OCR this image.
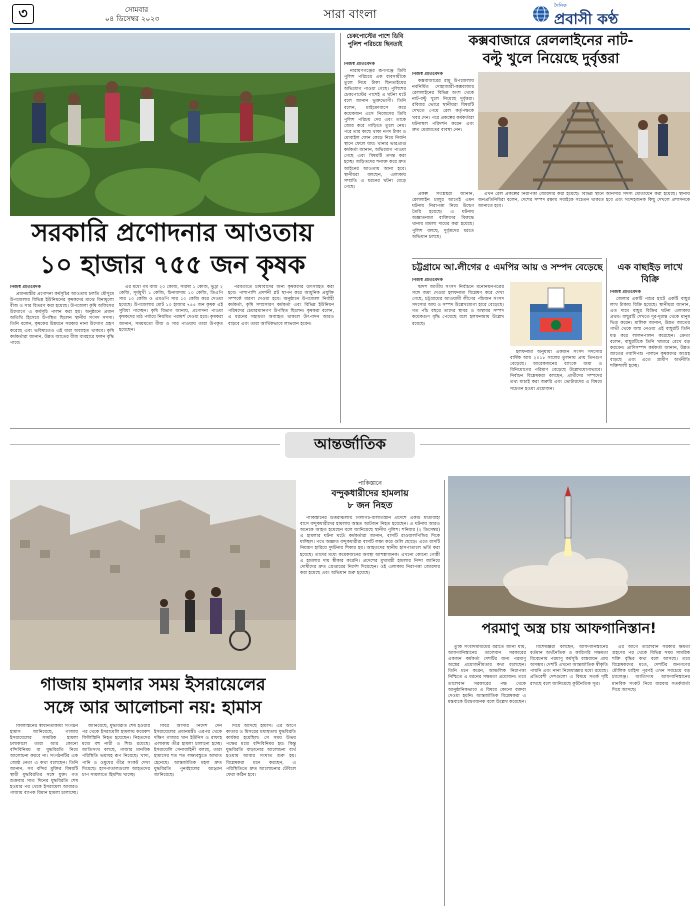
৩	সোমবার
০৪ ডিসেম্বর ২০২৩	সারা বাংলা
দৈনিক
প্রবাসী কণ্ঠ
সরকারি প্রণোদনার আওতায়
১০ হাজার ৭৫৫ জন কৃষক
নিজস্ব প্রতিবেদক

প্রধানমন্ত্রীর প্রণোদনা কর্মসূচির আওতায় চলতি মৌসুমে উপজেলার বিভিন্ন ইউনিয়নের কৃষকদের মাঝে বিনামূল্যে বীজ ও সার বিতরণ করা হয়েছে। উপজেলা কৃষি অফিসের উদ্যোগে এ কর্মসূচি পালন করা হয়। অনুষ্ঠানে প্রধান অতিথি হিসেবে উপস্থিত ছিলেন স্থানীয় সংসদ সদস্য। তিনি বলেন, কৃষকের উন্নয়নে সরকার নানা উদ্যোগ গ্রহণ করেছে এবং ভবিষ্যতেও এই ধারা অব্যাহত থাকবে। কৃষি কর্মকর্তারা জানান, উন্নত জাতের বীজ ব্যবহারে ফলন বৃদ্ধি পাবে।

এর মধ্যে গম বীজ ২০ কেজি, সরিষা ১ কেজি, ভুট্টা ২ কেজি, সূর্যমুখী ১ কেজি, চিনাবাদাম ১০ কেজি, ডিএপি সার ১০ কেজি ও এমওপি সার ১০ কেজি করে দেওয়া হয়েছে। উপজেলার মোট ১০ হাজার ৭৫৫ জন কৃষক এই সুবিধা পাচ্ছেন। কৃষি বিভাগ জানায়, প্রণোদনা পাওয়া কৃষকদের মাঠ পর্যায়ে নিয়মিত পরামর্শ দেওয়া হবে। কৃষকরা জানান, সময়মতো বীজ ও সার পাওয়ায় তারা উপকৃত হয়েছেন।

পরবর্তীতে চাষাবাদের জন্য কৃষকদের উৎসাহিত করা হবে। পাশাপাশি প্রদর্শনী প্লট স্থাপন করে আধুনিক প্রযুক্তি সম্পর্কে ধারণা দেওয়া হবে। অনুষ্ঠানে উপজেলা নির্বাহী কর্মকর্তা, কৃষি সম্প্রসারণ কর্মকর্তা এবং বিভিন্ন ইউনিয়ন পরিষদের চেয়ারম্যানগণ উপস্থিত ছিলেন। কৃষকরা বলেন, এ ধরনের সহায়তা অব্যাহত থাকলে উৎপাদন আরও বাড়বে এবং তারা আর্থিকভাবে লাভবান হবেন।

চেকপোস্টের পাশে ডিবি পুলিশ পরিচয়ে ছিনতাই
নিজস্ব প্রতিবেদক

নারায়ণগঞ্জের রূপগঞ্জে ডিবি পুলিশ পরিচয়ে এক ব্যবসায়ীকে তুলে নিয়ে টাকা ছিনতাইয়ের অভিযোগ পাওয়া গেছে। পুলিশের চেকপোস্টের পাশেই এ ঘটনা ঘটে বলে জানান ভুক্তভোগী। তিনি বলেন, মাইক্রোবাসে করে কয়েকজন এসে নিজেদের ডিবি পুলিশ পরিচয় দেয় এবং তাকে জোর করে গাড়িতে তুলে নেয়। পরে তার কাছে থাকা নগদ টাকা ও মোবাইল ফোন কেড়ে নিয়ে নির্জন স্থানে ফেলে যায়। থানার ভারপ্রাপ্ত কর্মকর্তা জানান, অভিযোগ পাওয়া গেছে এবং বিষয়টি তদন্ত করা হচ্ছে। জড়িতদের শনাক্ত করে দ্রুত আইনের আওতায় আনা হবে। স্থানীয়রা বলছেন, এলাকায় সম্প্রতি এ ধরনের ঘটনা বেড়ে গেছে।

কক্সবাজারে রেললাইনের নাট-
বল্টু খুলে নিয়েছে দুর্বৃত্তরা
নিজস্ব প্রতিবেদক

কক্সবাজারের রামু উপজেলায় নবনির্মিত দোহাজারী-কক্সবাজার রেললাইনের বিভিন্ন অংশ থেকে নাট-বল্টু খুলে নিয়েছে দুর্বৃত্তরা। রবিবার ভোরে স্থানীয়রা বিষয়টি দেখতে পেয়ে রেল কর্তৃপক্ষকে খবর দেন। পরে প্রকল্পের কর্মকর্তারা ঘটনাস্থল পরিদর্শন করেন এবং দ্রুত মেরামতের ব্যবস্থা নেন।

প্রকল্প সংশ্লিষ্টরা জানান, রেললাইন চালুর আগেই এমন ঘটনায় নিরাপত্তা নিয়ে উদ্বেগ তৈরি হয়েছে। এ ঘটনায় অজ্ঞাতনামা ব্যক্তিদের বিরুদ্ধে থানায় মামলা দায়ের করা হয়েছে। পুলিশ বলছে, দুর্বৃত্তদের ধরতে অভিযান চলছে।

এখন রেল প্রকল্পের নিরাপত্তা জোরদার করা হয়েছে। বিভিন্ন স্থানে আনসার সদস্য মোতায়েন করা হয়েছে। স্থানীয় জনপ্রতিনিধিরা বলেন, দেশের সম্পদ রক্ষায় সবাইকে সচেতন থাকতে হবে এবং সন্দেহজনক কিছু দেখলে প্রশাসনকে জানাতে হবে।

চট্টগ্রামে আ.লীগের ৫ এমপির আয় ও সম্পদ বেড়েছে
নিজস্ব প্রতিবেদক

দ্বাদশ জাতীয় সংসদ নির্বাচনে মনোনয়নপত্রের সঙ্গে জমা দেওয়া হলফনামা বিশ্লেষণ করে দেখা গেছে, চট্টগ্রামের আওয়ামী লীগের পাঁচজন সংসদ সদস্যের আয় ও সম্পদ উল্লেখযোগ্য হারে বেড়েছে। গত পাঁচ বছরে তাদের স্থাবর ও অস্থাবর সম্পদ কয়েকগুণ বৃদ্ধি পেয়েছে বলে হলফনামায় উল্লেখ রয়েছে।

হলফনামা অনুযায়ী একজন সংসদ সদস্যের বার্ষিক আয় ২০১৮ সালের তুলনায় প্রায় তিনগুণ বেড়েছে। আরেকজনের ব্যাংকে জমা ও বিনিয়োগের পরিমাণ বেড়েছে উল্লেখযোগ্যভাবে। নির্বাচন বিশ্লেষকরা বলছেন, প্রার্থীদের সম্পদের তথ্য যাচাই করা জরুরি এবং ভোটারদের এ বিষয়ে সচেতন হওয়া প্রয়োজন।

এক বাছাইড় লাখে বিক্রি
নিজস্ব প্রতিবেদক

জেলার একটি পশুর হাটে একটি বাছুর লাখ টাকায় বিক্রি হয়েছে। স্থানীয়রা জানান, এত দামে বাছুর বিক্রির ঘটনা এলাকায় প্রথম। বাছুরটি দেখতে দূর-দূরান্ত থেকে মানুষ ভিড় করেন। মালিক জানান, উন্নত জাতের গাভী থেকে জন্ম নেওয়া এই বাছুরটি তিনি যত্ন করে লালনপালন করেছেন। ক্রেতা বলেন, বাছুরটিকে তিনি খামারে রেখে বড় করবেন। প্রাণিসম্পদ কর্মকর্তা জানান, উন্নত জাতের গবাদিপশু পালনে কৃষকদের আগ্রহ বাড়ছে এবং এতে গ্রামীণ অর্থনীতি শক্তিশালী হচ্ছে।

আন্তর্জাতিক
পাকিস্তানে
বন্দুকধারীদের হামলায়
৮ জন নিহত

পাকিস্তানের উত্তরাঞ্চলীয় গিলগিট-বালতিস্তান প্রদেশে একটি যাত্রীবাহী বাসে বন্দুকধারীদের হামলায় অন্তত আটজন নিহত হয়েছেন। এ ঘটনায় আরও অনেকে আহত হয়েছেন বলে জানিয়েছে স্থানীয় পুলিশ। শনিবার (২ ডিসেম্বর) এ হামলার ঘটনা ঘটে। কর্মকর্তারা জানান, বাসটি রাওয়ালপিন্ডির দিকে যাচ্ছিল। পথে অজ্ঞাত বন্দুকধারীরা বাসটি লক্ষ্য করে গুলি ছোড়ে। এতে বাসটি নিয়ন্ত্রণ হারিয়ে দুর্ঘটনার শিকার হয়। আহতদের স্থানীয় হাসপাতালে ভর্তি করা হয়েছে। তাদের মধ্যে কয়েকজনের অবস্থা আশঙ্কাজনক। এখনো কোনো গোষ্ঠী এ হামলার দায় স্বীকার করেনি। প্রদেশের মুখ্যমন্ত্রী হামলার নিন্দা জানিয়ে দোষীদের দ্রুত গ্রেপ্তারের নির্দেশ দিয়েছেন। ওই এলাকায় নিরাপত্তা জোরদার করা হয়েছে এবং অভিযান শুরু হয়েছে।

পরমাণু অস্ত্র চায় আফগানিস্তান!

তুর্কি সংবাদমাধ্যমের বরাতে জানা যায়, আফগানিস্তানের তালেবান সরকারের একজন কর্মকর্তা দেশটির জন্য পরমাণু অস্ত্রের প্রয়োজনীয়তার কথা বলেছেন। তিনি মনে করেন, আঞ্চলিক নিরাপত্তা নিশ্চিতে এ ধরনের সক্ষমতা প্রয়োজন। তবে তালেবান সরকারের পক্ষ থেকে আনুষ্ঠানিকভাবে এ বিষয়ে কোনো বক্তব্য দেওয়া হয়নি। আন্তর্জাতিক বিশ্লেষকরা এ মন্তব্যকে উদ্বেগজনক বলে উল্লেখ করেছেন।

বিশেষজ্ঞরা বলছেন, আফগানিস্তানের বর্তমান অর্থনৈতিক ও কারিগরি সক্ষমতা বিবেচনায় পরমাণু কর্মসূচি বাস্তবায়ন প্রায় অসম্ভব। দেশটি এখনো আন্তর্জাতিক স্বীকৃতি পায়নি এবং নানা নিষেধাজ্ঞার মধ্যে রয়েছে। প্রতিবেশী দেশগুলো এ বিষয়ে সতর্ক দৃষ্টি রাখছে বলে জানিয়েছে কূটনৈতিক সূত্র।

এর আগে তালেবান সরকার ক্ষমতা গ্রহণের পর থেকে বিভিন্ন সময় সামরিক শক্তি বৃদ্ধির কথা বলে আসছে। তবে বিশ্লেষকদের মতে, দেশটির জনগণের মৌলিক চাহিদা পূরণই এখন সবচেয়ে বড় চ্যালেঞ্জ। জাতিসংঘ আফগানিস্তানের মানবিক সংকট নিয়ে বারবার সতর্কবার্তা দিয়ে আসছে।

গাজায় হামলার সময় ইসরায়েলের
সঙ্গে আর আলোচনা নয়: হামাস

ফিলিস্তিনের স্বাধীনতাকামী সংগঠন হামাস জানিয়েছে, গাজায় ইসরায়েলের সামরিক হামলা চলাকালে তারা আর কোনো বন্দিবিনিময় বা যুদ্ধবিরতি নিয়ে আলোচনা করবে না। সংগঠনটির এক জ্যেষ্ঠ নেতা এ কথা বলেছেন। তিনি জানান, সব বন্দির মুক্তির বিষয়টি স্থায়ী যুদ্ধবিরতির সঙ্গে যুক্ত। গত শুক্রবার সাত দিনের যুদ্ধবিরতি শেষ হওয়ার পর থেকে ইসরায়েল আবারও গাজায় ব্যাপক বিমান হামলা চালাচ্ছে।

জানিয়েছে, যুদ্ধবিরতি শেষ হওয়ার পর থেকে ইসরায়েলি হামলায় কয়েকশ ফিলিস্তিনি নিহত হয়েছেন। নিহতদের মধ্যে বহু নারী ও শিশু রয়েছে। জাতিসংঘ বলছে, গাজার মানবিক পরিস্থিতি ভয়াবহ রূপ নিয়েছে। খাদ্য, পানি ও ওষুধের তীব্র সংকট দেখা দিয়েছে। হাসপাতালগুলো আহতদের চাপ সামলাতে হিমশিম খাচ্ছে।

ফিরে আসার নির্দেশ দেন ইসরায়েলের প্রধানমন্ত্রী। এরপর থেকে দক্ষিণ গাজার খান ইউনিস ও রাফাহ এলাকায় তীব্র হামলা চালানো হচ্ছে। ইসরায়েলি সেনাবাহিনী বলছে, তারা হামাসের শত শত লক্ষ্যবস্তুতে আঘাত হেনেছে। আন্তর্জাতিক মহল দ্রুত যুদ্ধবিরতি পুনর্বহালের আহ্বান জানিয়েছে।

দিয়ে আসছে হামাস। এর আগে কাতার ও মিসরের মধ্যস্থতায় যুদ্ধবিরতি কার্যকর হয়েছিল। সে সময় উভয় পক্ষের মধ্যে বন্দিবিনিময় হয়। কিন্তু যুদ্ধবিরতি বাড়ানোর আলোচনা ব্যর্থ হওয়ায় আবার সংঘাত শুরু হয়। বিশ্লেষকরা মনে করছেন, এ পরিস্থিতিতে দ্রুত আলোচনার টেবিলে ফেরা কঠিন হবে।
